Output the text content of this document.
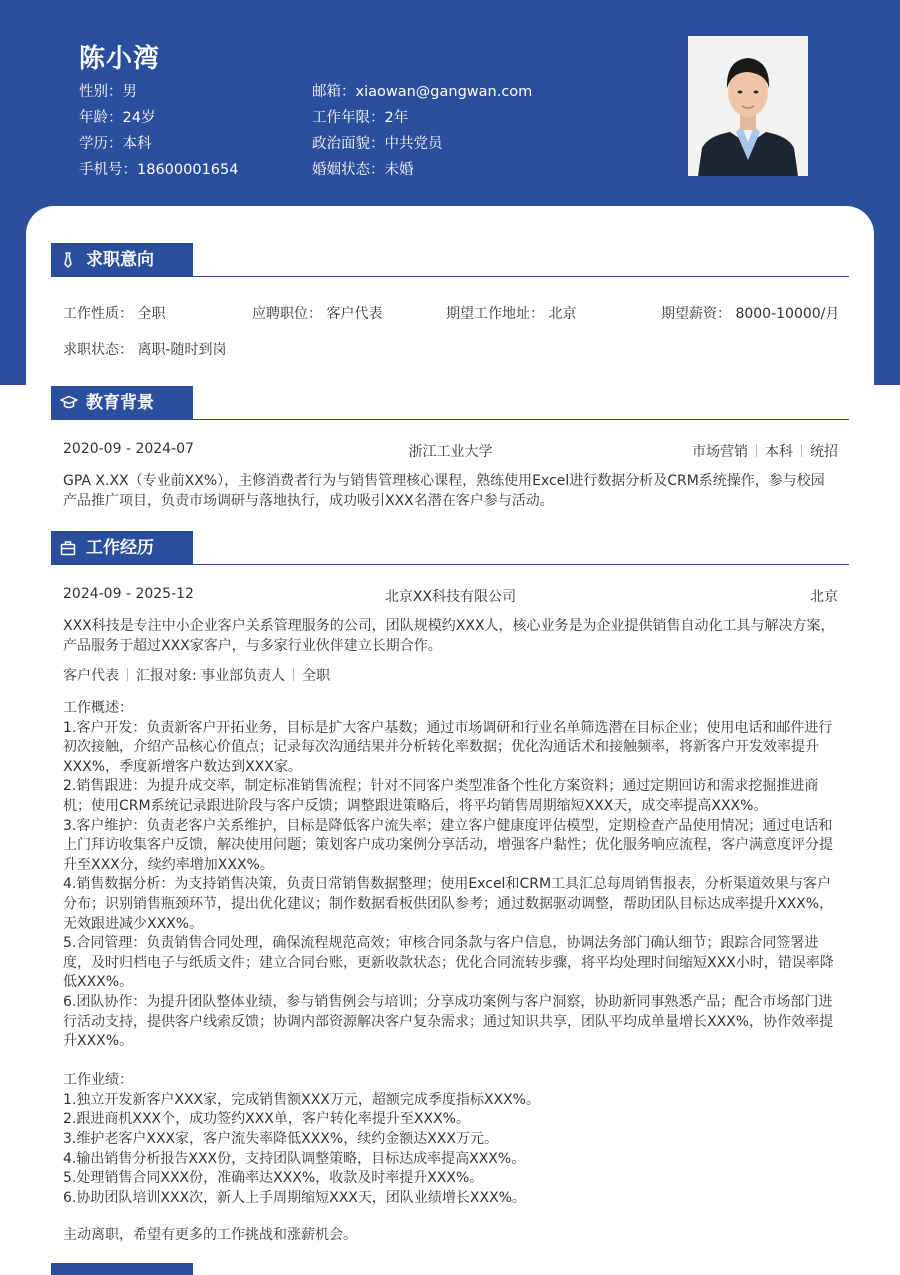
陈小湾
性别：男
年龄：24岁
学历：本科
手机号：18600001654
邮箱：xiaowan@gangwan.com
工作年限：2年
政治面貌：中共党员
婚姻状态：未婚
求职意向
工作性质： 全职	应聘职位： 客户代表	期望工作地址： 北京	期望薪资： 8000-10000/月
求职状态： 离职-随时到岗
教育背景
2020-09 - 2024-07	浙江工业大学	市场营销 本科 统招
GPA X.XX（专业前XX%），主修消费者行为与销售管理核心课程，熟练使用Excel进行数据分析及CRM系统操作，参与校园
产品推广项目，负责市场调研与落地执行，成功吸引XXX名潜在客户参与活动。
工作经历
2024-09 - 2025-12	北京XX科技有限公司	北京
XXX科技是专注中小企业客户关系管理服务的公司，团队规模约XXX人，核心业务是为企业提供销售自动化工具与解决方案，
产品服务于超过XXX家客户，与多家行业伙伴建立长期合作。
客户代表 汇报对象: 事业部负责人 全职
工作概述：
1.客户开发：负责新客户开拓业务，目标是扩大客户基数；通过市场调研和行业名单筛选潜在目标企业；使用电话和邮件进行
初次接触，介绍产品核心价值点；记录每次沟通结果并分析转化率数据；优化沟通话术和接触频率，将新客户开发效率提升
XXX%，季度新增客户数达到XXX家。
2.销售跟进：为提升成交率，制定标准销售流程；针对不同客户类型准备个性化方案资料；通过定期回访和需求挖掘推进商
机；使用CRM系统记录跟进阶段与客户反馈；调整跟进策略后，将平均销售周期缩短XXX天，成交率提高XXX%。
3.客户维护：负责老客户关系维护，目标是降低客户流失率；建立客户健康度评估模型，定期检查产品使用情况；通过电话和
上门拜访收集客户反馈，解决使用问题；策划客户成功案例分享活动，增强客户黏性；优化服务响应流程，客户满意度评分提
升至XXX分，续约率增加XXX%。
4.销售数据分析：为支持销售决策，负责日常销售数据整理；使用Excel和CRM工具汇总每周销售报表，分析渠道效果与客户
分布；识别销售瓶颈环节，提出优化建议；制作数据看板供团队参考；通过数据驱动调整，帮助团队目标达成率提升XXX%，
无效跟进减少XXX%。
5.合同管理：负责销售合同处理，确保流程规范高效；审核合同条款与客户信息，协调法务部门确认细节；跟踪合同签署进
度，及时归档电子与纸质文件；建立合同台账，更新收款状态；优化合同流转步骤，将平均处理时间缩短XXX小时，错误率降
低XXX%。
6.团队协作：为提升团队整体业绩，参与销售例会与培训；分享成功案例与客户洞察，协助新同事熟悉产品；配合市场部门进
行活动支持，提供客户线索反馈；协调内部资源解决客户复杂需求；通过知识共享，团队平均成单量增长XXX%，协作效率提
升XXX%。
工作业绩：
1.独立开发新客户XXX家，完成销售额XXX万元，超额完成季度指标XXX%。
2.跟进商机XXX个，成功签约XXX单，客户转化率提升至XXX%。
3.维护老客户XXX家，客户流失率降低XXX%，续约金额达XXX万元。
4.输出销售分析报告XXX份，支持团队调整策略，目标达成率提高XXX%。
5.处理销售合同XXX份，准确率达XXX%，收款及时率提升XXX%。
6.协助团队培训XXX次，新人上手周期缩短XXX天，团队业绩增长XXX%。
主动离职，希望有更多的工作挑战和涨薪机会。
